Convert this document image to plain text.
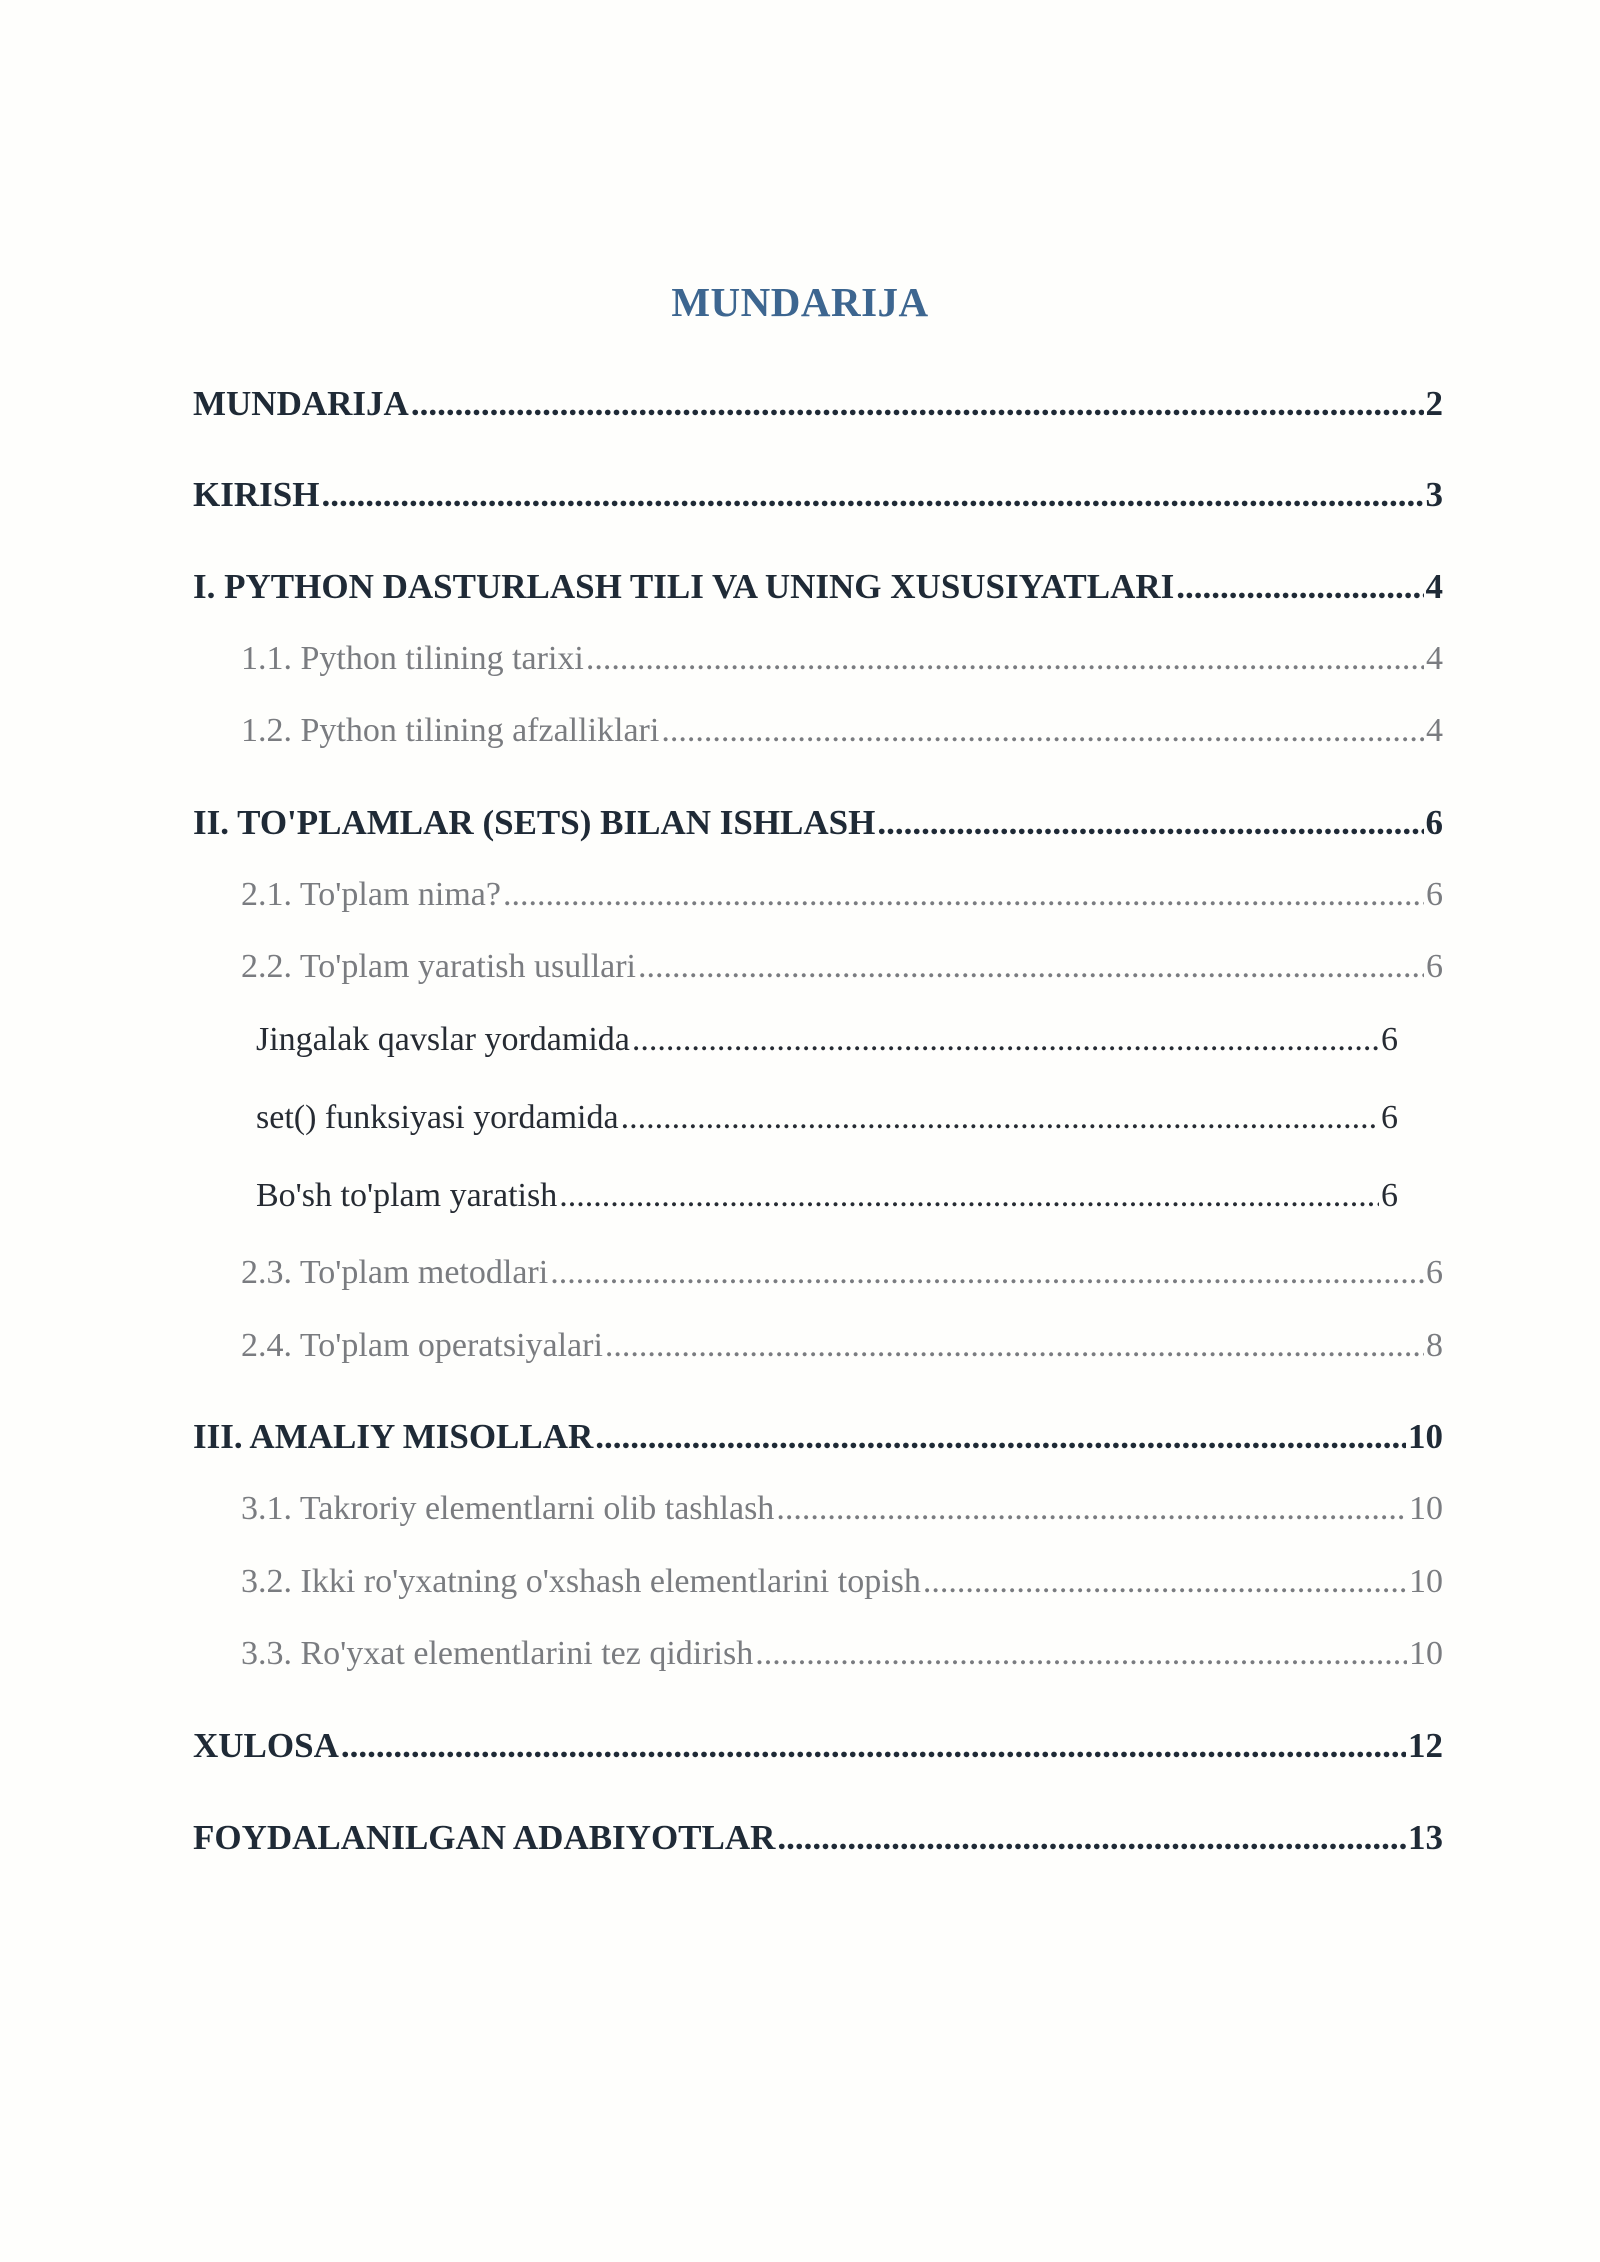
MUNDARIJA
MUNDARIJA .....	2
KIRISH .....	3
I. PYTHON DASTURLASH TILI VA UNING XUSUSIYATLARI .....	4
1.1. Python tilining tarixi .....	4
1.2. Python tilining afzalliklari .....	4
II. TO'PLAMLAR (SETS) BILAN ISHLASH .....	6
2.1. To'plam nima? .....	6
2.2. To'plam yaratish usullari .....	6
Jingalak qavslar yordamida .....	6
set() funksiyasi yordamida .....	6
Bo'sh to'plam yaratish .....	6
2.3. To'plam metodlari .....	6
2.4. To'plam operatsiyalari .....	8
III. AMALIY MISOLLAR .....	10
3.1. Takroriy elementlarni olib tashlash .....	10
3.2. Ikki ro'yxatning o'xshash elementlarini topish .....	10
3.3. Ro'yxat elementlarini tez qidirish .....	10
XULOSA .....	12
FOYDALANILGAN ADABIYOTLAR .....	13
